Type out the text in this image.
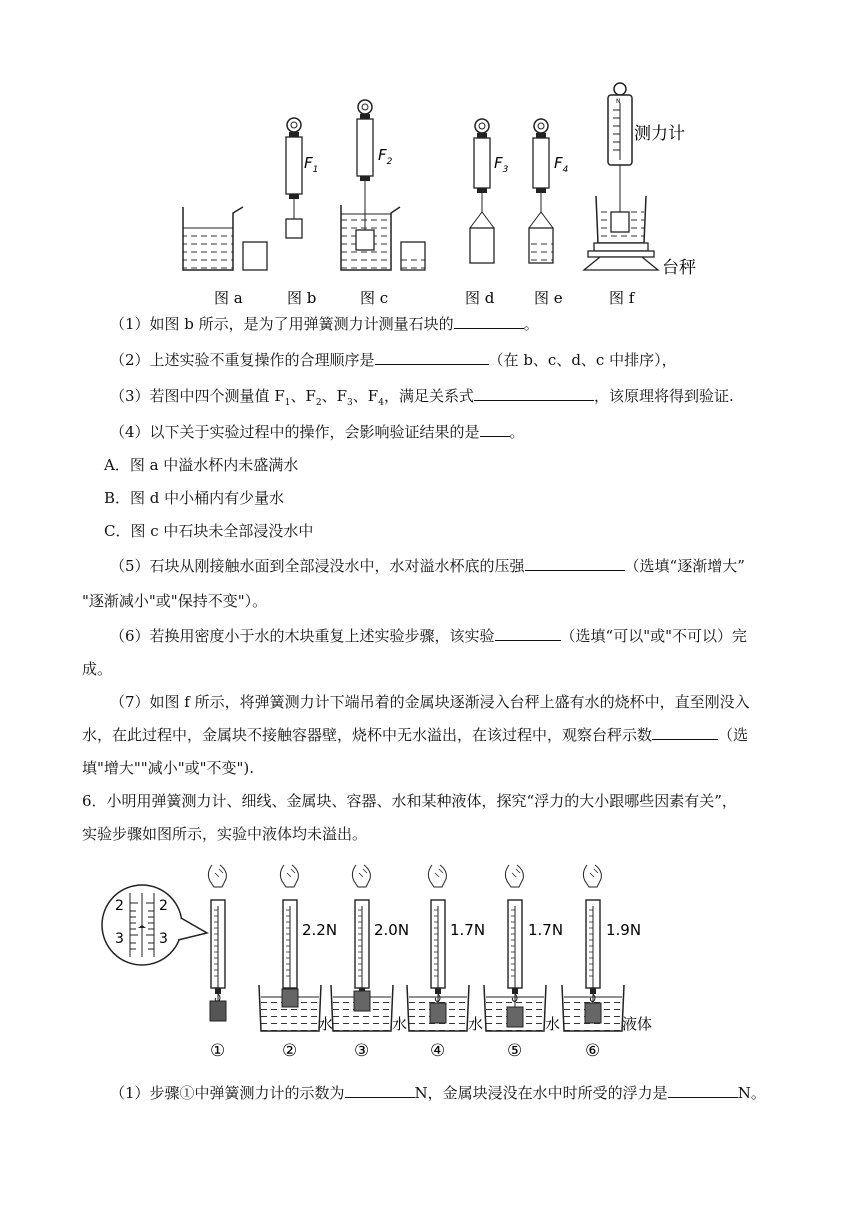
$F_1$
$F_2$	$F_3$	$F_4$
N
测力计
台秤
图 a	图 b	图 c	图 d	图 e	图 f
（1）如图 b 所示，是为了用弹簧测力计测量石块的	。
（2）上述实验不重复操作的合理顺序是	（在 b、c、d、c 中排序），
（3）若图中四个测量值 $F_1$、$F_2$、$F_3$、$F_4$，满足关系式	，该原理将得到验证.
（4）以下关于实验过程中的操作，会影响验证结果的是 。
A．图 a 中溢水杯内未盛满水
B．图 d 中小桶内有少量水
C．图 c 中石块未全部浸没水中
（5）石块从刚接触水面到全部浸没水中，水对溢水杯底的压强	（选填“逐渐增大”
"逐渐减小"或"保持不变"）。
（6）若换用密度小于水的木块重复上述实验步骤，该实验	（选填“可以"或"不可以）完
成。
（7）如图 f 所示，将弹簧测力计下端吊着的金属块逐渐浸入台秤上盛有水的烧杯中，直至刚没入
水，在此过程中，金属块不接触容器壁，烧杯中无水溢出，在该过程中，观察台秤示数	（选
填"增大""减小"或"不变").
6．小明用弹簧测力计、细线、金属块、容器、水和某种液体，探究“浮力的大小跟哪些因素有关”，
实验步骤如图所示，实验中液体均未溢出。
2	2
3	3	2.2N 2.0N	1.7N	1.7N	1.9N
水	水	水	水	液体
①	②	③	④	⑤	⑥
（1）步骤①中弹簧测力计的示数为	N，金属块浸没在水中时所受的浮力是	N。
